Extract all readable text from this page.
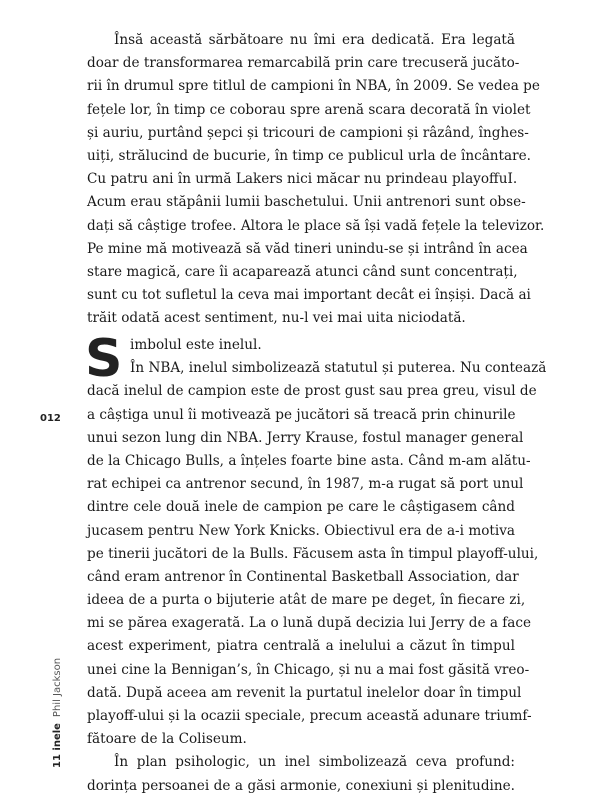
Însă această sărbătoare nu îmi era dedicată. Era legată
doar de transformarea remarcabilă prin care trecuseră jucăto-
rii în drumul spre titlul de campioni în NBA, în 2009. Se vedea pe
fețele lor, în timp ce coborau spre arenă scara decorată în violet
și auriu, purtând șepci și tricouri de campioni și râzând, înghes-
uiți, strălucind de bucurie, în timp ce publicul urla de încântare.
Cu patru ani în urmă Lakers nici măcar nu prindeau playoffuI.
Acum erau stăpânii lumii baschetului. Unii antrenori sunt obse-
dați să câștige trofee. Altora le place să își vadă fețele la televizor.
Pe mine mă motivează să văd tineri unindu-se și intrând în acea
stare magică, care îi acaparează atunci când sunt concentrați,
sunt cu tot sufletul la ceva mai important decât ei înșiși. Dacă ai
trăit odată acest sentiment, nu-l vei mai uita niciodată.
S imbolul este inelul.
În NBA, inelul simbolizează statutul și puterea. Nu contează
dacă inelul de campion este de prost gust sau prea greu, visul de
a câștiga unul îi motivează pe jucători să treacă prin chinurile
unui sezon lung din NBA. Jerry Krause, fostul manager general
de la Chicago Bulls, a înțeles foarte bine asta. Când m-am alătu-
rat echipei ca antrenor secund, în 1987, m-a rugat să port unul
dintre cele două inele de campion pe care le câștigasem când
jucasem pentru New York Knicks. Obiectivul era de a-i motiva
pe tinerii jucători de la Bulls. Făcusem asta în timpul playoff-ului,
când eram antrenor în Continental Basketball Association, dar
ideea de a purta o bijuterie atât de mare pe deget, în fiecare zi,
mi se părea exagerată. La o lună după decizia lui Jerry de a face
acest experiment, piatra centrală a inelului a căzut în timpul
unei cine la Bennigan’s, în Chicago, și nu a mai fost găsită vreo-
dată. După aceea am revenit la purtatul inelelor doar în timpul
playoff-ului și la ocazii speciale, precum această adunare triumf-
fătoare de la Coliseum.
În plan psihologic, un inel simbolizează ceva profund:
dorința persoanei de a găsi armonie, conexiuni și plenitudine.
012
11 inelePhil Jackson
